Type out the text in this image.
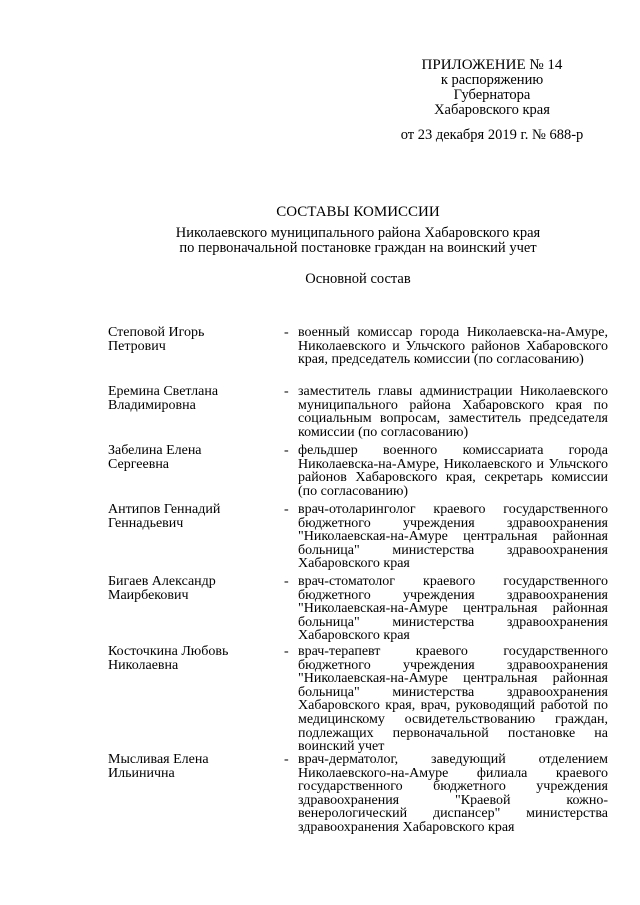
ПРИЛОЖЕНИЕ № 14
к распоряжению
Губернатора
Хабаровского края
от 23 декабря 2019 г. № 688-р
СОСТАВЫ КОМИССИИ
Николаевского муниципального района Хабаровского края
по первоначальной постановке граждан на воинский учет
Основной состав
Степовой Игорь
Петрович
- военный комиссар города Николаевска-на-Амуре, Николаевского и Ульчского районов Хабаровского края, председатель комиссии (по согласованию)
Еремина Светлана
Владимировна
- заместитель главы администрации Николаевского муниципального района Хабаровского края по социальным вопросам, заместитель председателя комиссии (по согласованию)
Забелина Елена
Сергеевна
- фельдшер военного комиссариата города Николаевска-на-Амуре, Николаевского и Ульчского районов Хабаровского края, секретарь комиссии (по согласованию)
Антипов Геннадий
Геннадьевич
- врач-отоларинголог краевого государственного бюджетного учреждения здравоохранения "Николаевская-на-Амуре центральная районная больница" министерства здравоохранения Хабаровского края
Бигаев Александр
Маирбекович
- врач-стоматолог краевого государственного бюджетного учреждения здравоохранения "Николаевская-на-Амуре центральная районная больница" министерства здравоохранения Хабаровского края
Косточкина Любовь
Николаевна
- врач-терапевт краевого государственного бюджетного учреждения здравоохранения "Николаевская-на-Амуре центральная районная больница" министерства здравоохранения Хабаровского края, врач, руководящий работой по медицинскому освидетельствованию граждан, подлежащих первоначальной постановке на воинский учет
Мысливая Елена
Ильинична
- врач-дерматолог, заведующий отделением Николаевского-на-Амуре филиала краевого государственного бюджетного учреждения здравоохранения "Краевой кожно-венерологический диспансер" министерства здравоохранения Хабаровского края
